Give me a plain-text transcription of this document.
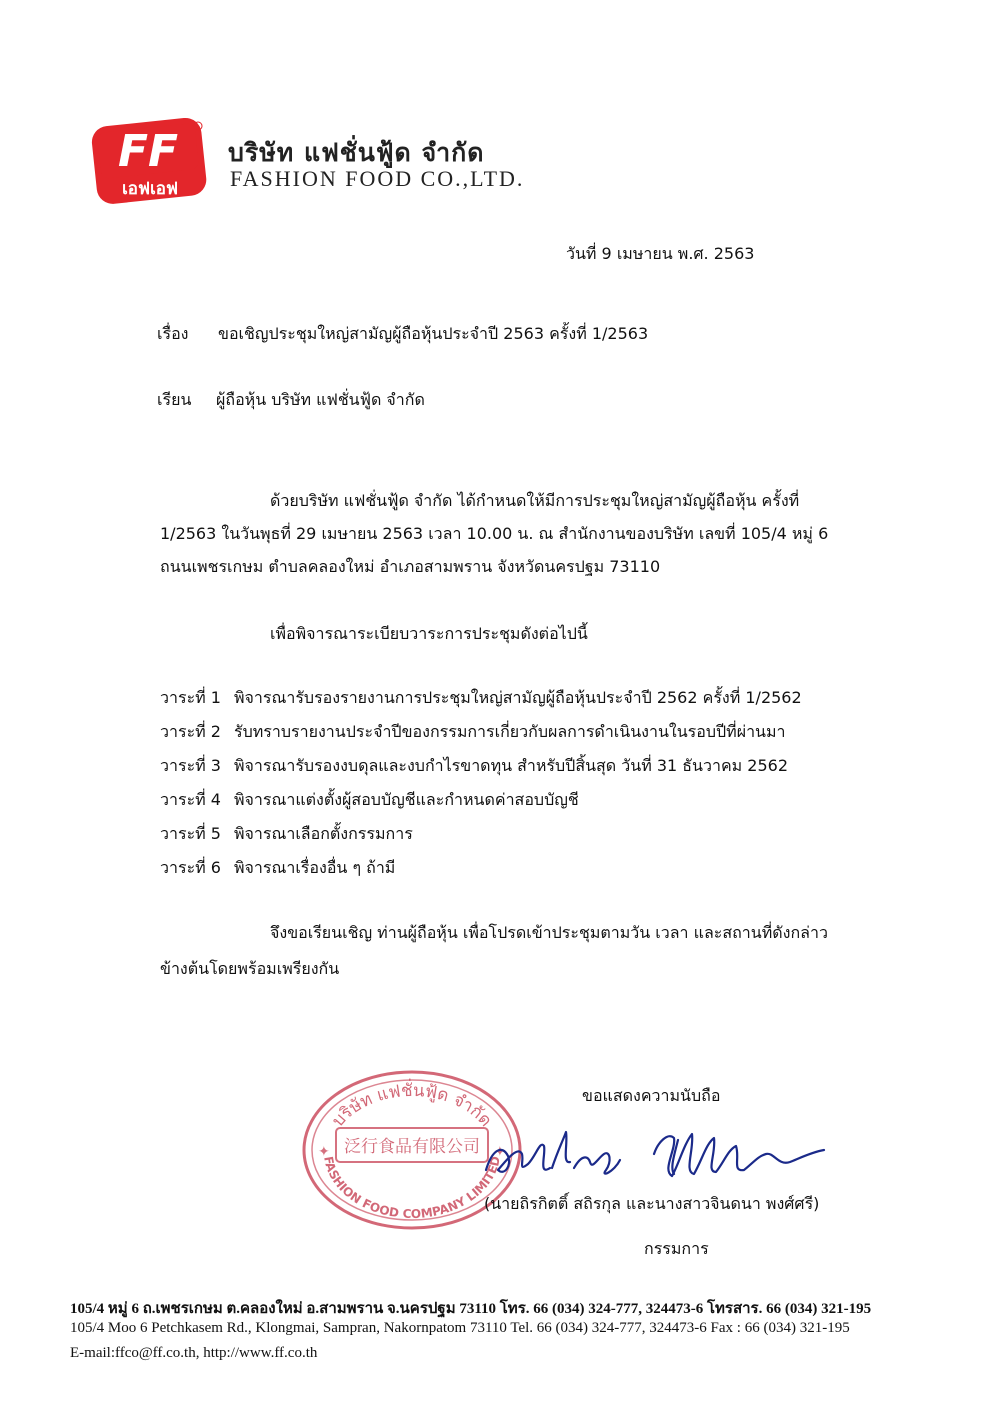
FF
เอฟเอฟ
บริษัท แฟชั่นฟู้ด จำกัด
FASHION FOOD CO.,LTD.
วันที่ 9 เมษายน พ.ศ. 2563
เรื่อง ขอเชิญประชุมใหญ่สามัญผู้ถือหุ้นประจำปี 2563 ครั้งที่ 1/2563
เรียน ผู้ถือหุ้น บริษัท แฟชั่นฟู้ด จำกัด
ด้วยบริษัท แฟชั่นฟู้ด จำกัด ได้กำหนดให้มีการประชุมใหญ่สามัญผู้ถือหุ้น ครั้งที่
1/2563 ในวันพุธที่ 29 เมษายน 2563 เวลา 10.00 น. ณ สำนักงานของบริษัท เลขที่ 105/4 หมู่ 6
ถนนเพชรเกษม ตำบลคลองใหม่ อำเภอสามพราน จังหวัดนครปฐม 73110
เพื่อพิจารณาระเบียบวาระการประชุมดังต่อไปนี้
วาระที่ 1 พิจารณารับรองรายงานการประชุมใหญ่สามัญผู้ถือหุ้นประจำปี 2562 ครั้งที่ 1/2562
วาระที่ 2 รับทราบรายงานประจำปีของกรรมการเกี่ยวกับผลการดำเนินงานในรอบปีที่ผ่านมา
วาระที่ 3 พิจารณารับรองงบดุลและงบกำไรขาดทุน สำหรับปีสิ้นสุด วันที่ 31 ธันวาคม 2562
วาระที่ 4 พิจารณาแต่งตั้งผู้สอบบัญชีและกำหนดค่าสอบบัญชี
วาระที่ 5 พิจารณาเลือกตั้งกรรมการ
วาระที่ 6 พิจารณาเรื่องอื่น ๆ ถ้ามี
จึงขอเรียนเชิญ ท่านผู้ถือหุ้น เพื่อโปรดเข้าประชุมตามวัน เวลา และสถานที่ดังกล่าว
ข้างต้นโดยพร้อมเพรียงกัน
บริษัท แฟชั่นฟู้ด จำกัด
泛行食品有限公司
FASHION FOOD COMPANY LIMITED
✦	✦
ขอแสดงความนับถือ
(นายถิรกิตติ์ สถิรกุล และนางสาวจินดนา พงศ์ศรี)
กรรมการ
105/4 หมู่ 6 ถ.เพชรเกษม ต.คลองใหม่ อ.สามพราน จ.นครปฐม 73110 โทร. 66 (034) 324-777, 324473-6 โทรสาร. 66 (034) 321-195
105/4 Moo 6 Petchkasem Rd., Klongmai, Sampran, Nakornpatom 73110 Tel. 66 (034) 324-777, 324473-6 Fax : 66 (034) 321-195
E-mail:ffco@ff.co.th, http://www.ff.co.th
